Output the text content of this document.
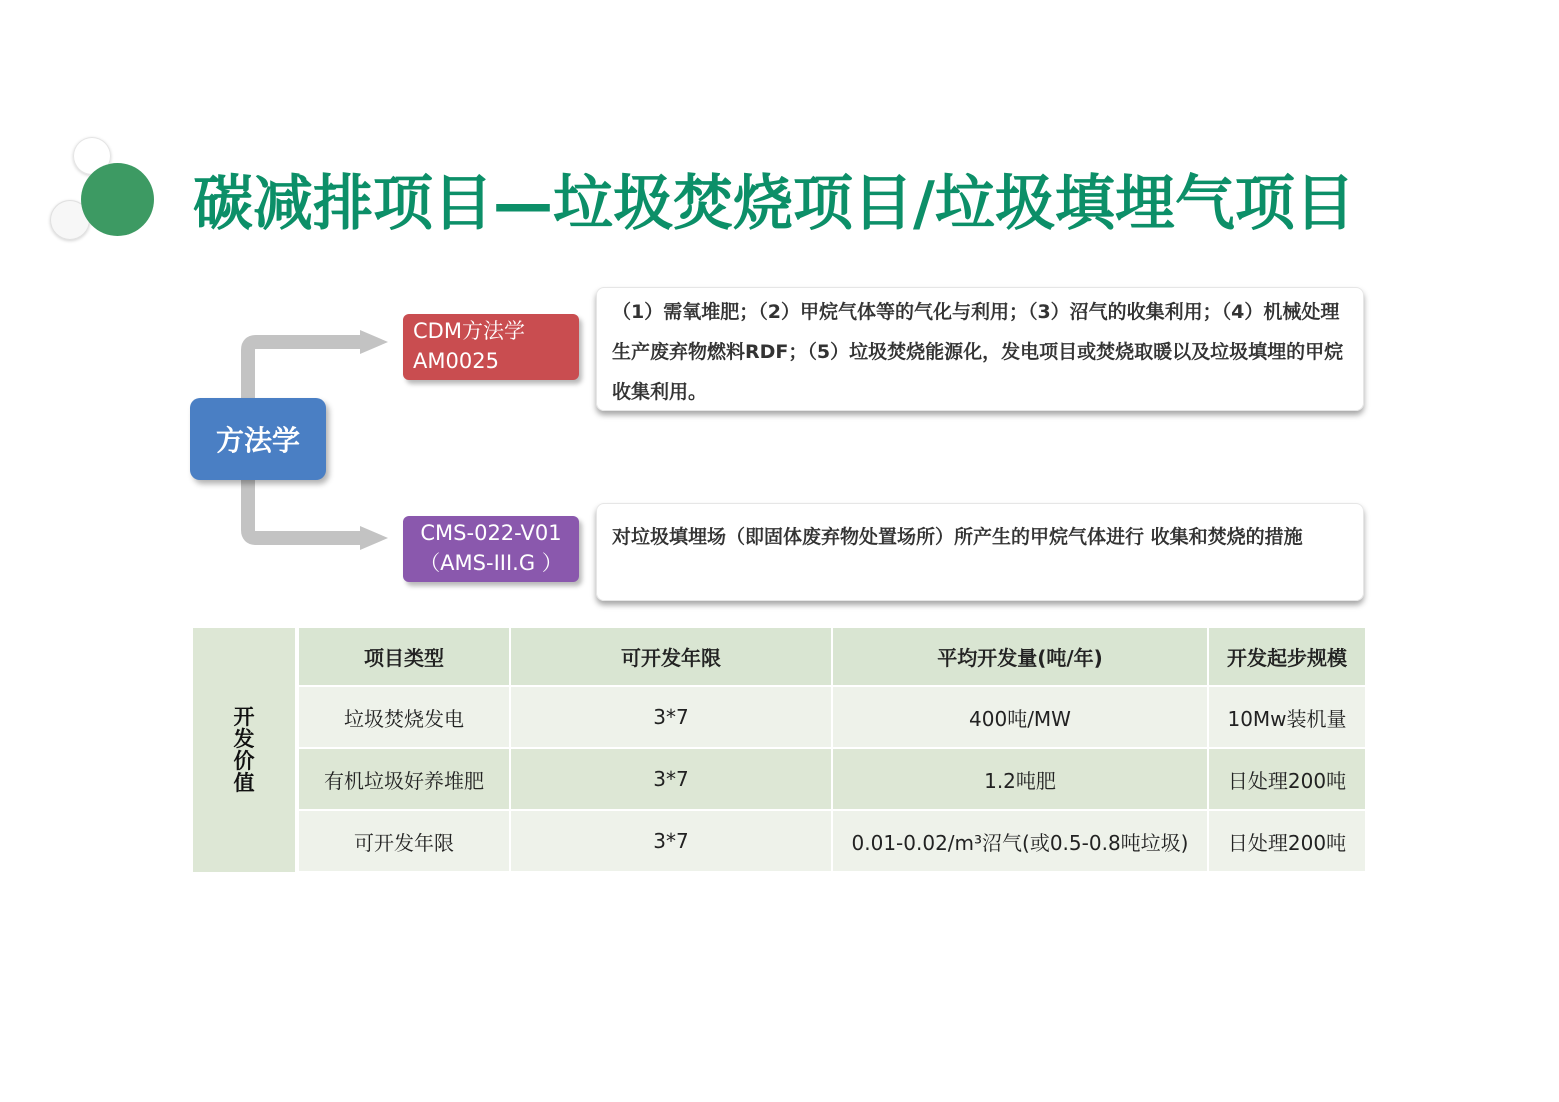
碳减排项目—垃圾焚烧项目/垃圾填埋气项目
方法学
CDM方法学
AM0025
（1）需氧堆肥；（2）甲烷气体等的气化与利用；（3）沼气的收集利用；（4）机械处理生产废弃物燃料RDF；（5）垃圾焚烧能源化，发电项目或焚烧取暖以及垃圾填埋的甲烷收集利用。
CMS-022-V01
（AMS-III.G ）
对垃圾填埋场（即固体废弃物处置场所）所产生的甲烷气体进行 收集和焚烧的措施
开发价值	项目类型	可开发年限	平均开发量(吨/年)	开发起步规模
	垃圾焚烧发电	3*7	400吨/MW	10Mw装机量
	有机垃圾好养堆肥	3*7	1.2吨肥	日处理200吨
	可开发年限	3*7	0.01-0.02/m³沼气(或0.5-0.8吨垃圾)	日处理200吨
